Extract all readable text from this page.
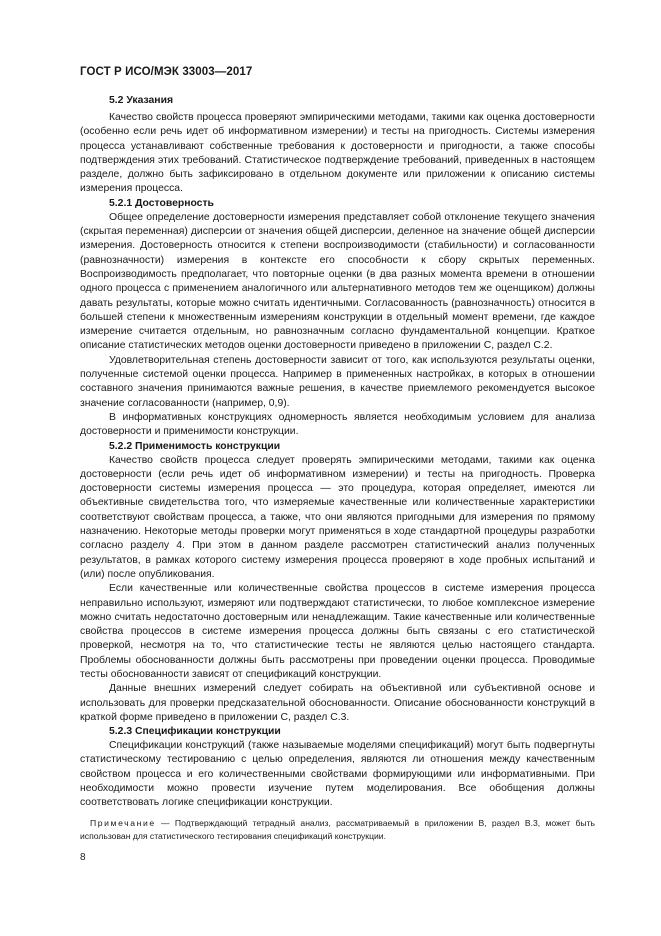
ГОСТ Р ИСО/МЭК 33003—2017
5.2 Указания

Качество свойств процесса проверяют эмпирическими методами, такими как оценка достоверности (особенно если речь идет об информативном измерении) и тесты на пригодность. Системы измерения процесса устанавливают собственные требования к достоверности и пригодности, а также способы подтверждения этих требований. Статистическое подтверждение требований, приведенных в настоящем разделе, должно быть зафиксировано в отдельном документе или приложении к описанию системы измерения процесса.

5.2.1 Достоверность

Общее определение достоверности измерения представляет собой отклонение текущего значения (скрытая переменная) дисперсии от значения общей дисперсии, деленное на значение общей дисперсии измерения. Достоверность относится к степени воспроизводимости (стабильности) и согласованности (равнозначности) измерения в контексте его способности к сбору скрытых переменных. Воспроизводимость предполагает, что повторные оценки (в два разных момента времени в отношении одного процесса с применением аналогичного или альтернативного методов тем же оценщиком) должны давать результаты, которые можно считать идентичными. Согласованность (равнозначность) относится в большей степени к множественным измерениям конструкции в отдельный момент времени, где каждое измерение считается отдельным, но равнозначным согласно фундаментальной концепции. Краткое описание статистических методов оценки достоверности приведено в приложении С, раздел С.2.

Удовлетворительная степень достоверности зависит от того, как используются результаты оценки, полученные системой оценки процесса. Например в примененных настройках, в которых в отношении составного значения принимаются важные решения, в качестве приемлемого рекомендуется высокое значение согласованности (например, 0,9).

В информативных конструкциях одномерность является необходимым условием для анализа достоверности и применимости конструкции.

5.2.2 Применимость конструкции

Качество свойств процесса следует проверять эмпирическими методами, такими как оценка достоверности (если речь идет об информативном измерении) и тесты на пригодность. Проверка достоверности системы измерения процесса — это процедура, которая определяет, имеются ли объективные свидетельства того, что измеряемые качественные или количественные характеристики соответствуют свойствам процесса, а также, что они являются пригодными для измерения по прямому назначению. Некоторые методы проверки могут применяться в ходе стандартной процедуры разработки согласно разделу 4. При этом в данном разделе рассмотрен статистический анализ полученных результатов, в рамках которого систему измерения процесса проверяют в ходе пробных испытаний и (или) после опубликования.

Если качественные или количественные свойства процессов в системе измерения процесса неправильно используют, измеряют или подтверждают статистически, то любое комплексное измерение можно считать недостаточно достоверным или ненадлежащим. Такие качественные или количественные свойства процессов в системе измерения процесса должны быть связаны с его статистической проверкой, несмотря на то, что статистические тесты не являются целью настоящего стандарта. Проблемы обоснованности должны быть рассмотрены при проведении оценки процесса. Проводимые тесты обоснованности зависят от спецификаций конструкции.

Данные внешних измерений следует собирать на объективной или субъективной основе и использовать для проверки предсказательной обоснованности. Описание обоснованности конструкций в краткой форме приведено в приложении С, раздел С.3.

5.2.3 Спецификации конструкции

Спецификации конструкций (также называемые моделями спецификаций) могут быть подвергнуты статистическому тестированию с целью определения, являются ли отношения между качественным свойством процесса и его количественными свойствами формирующими или информативными. При необходимости можно провести изучение путем моделирования. Все обобщения должны соответствовать логике спецификации конструкции.

Примечание — Подтверждающий тетрадный анализ, рассматриваемый в приложении В, раздел В.3, может быть использован для статистического тестирования спецификаций конструкции.

8
